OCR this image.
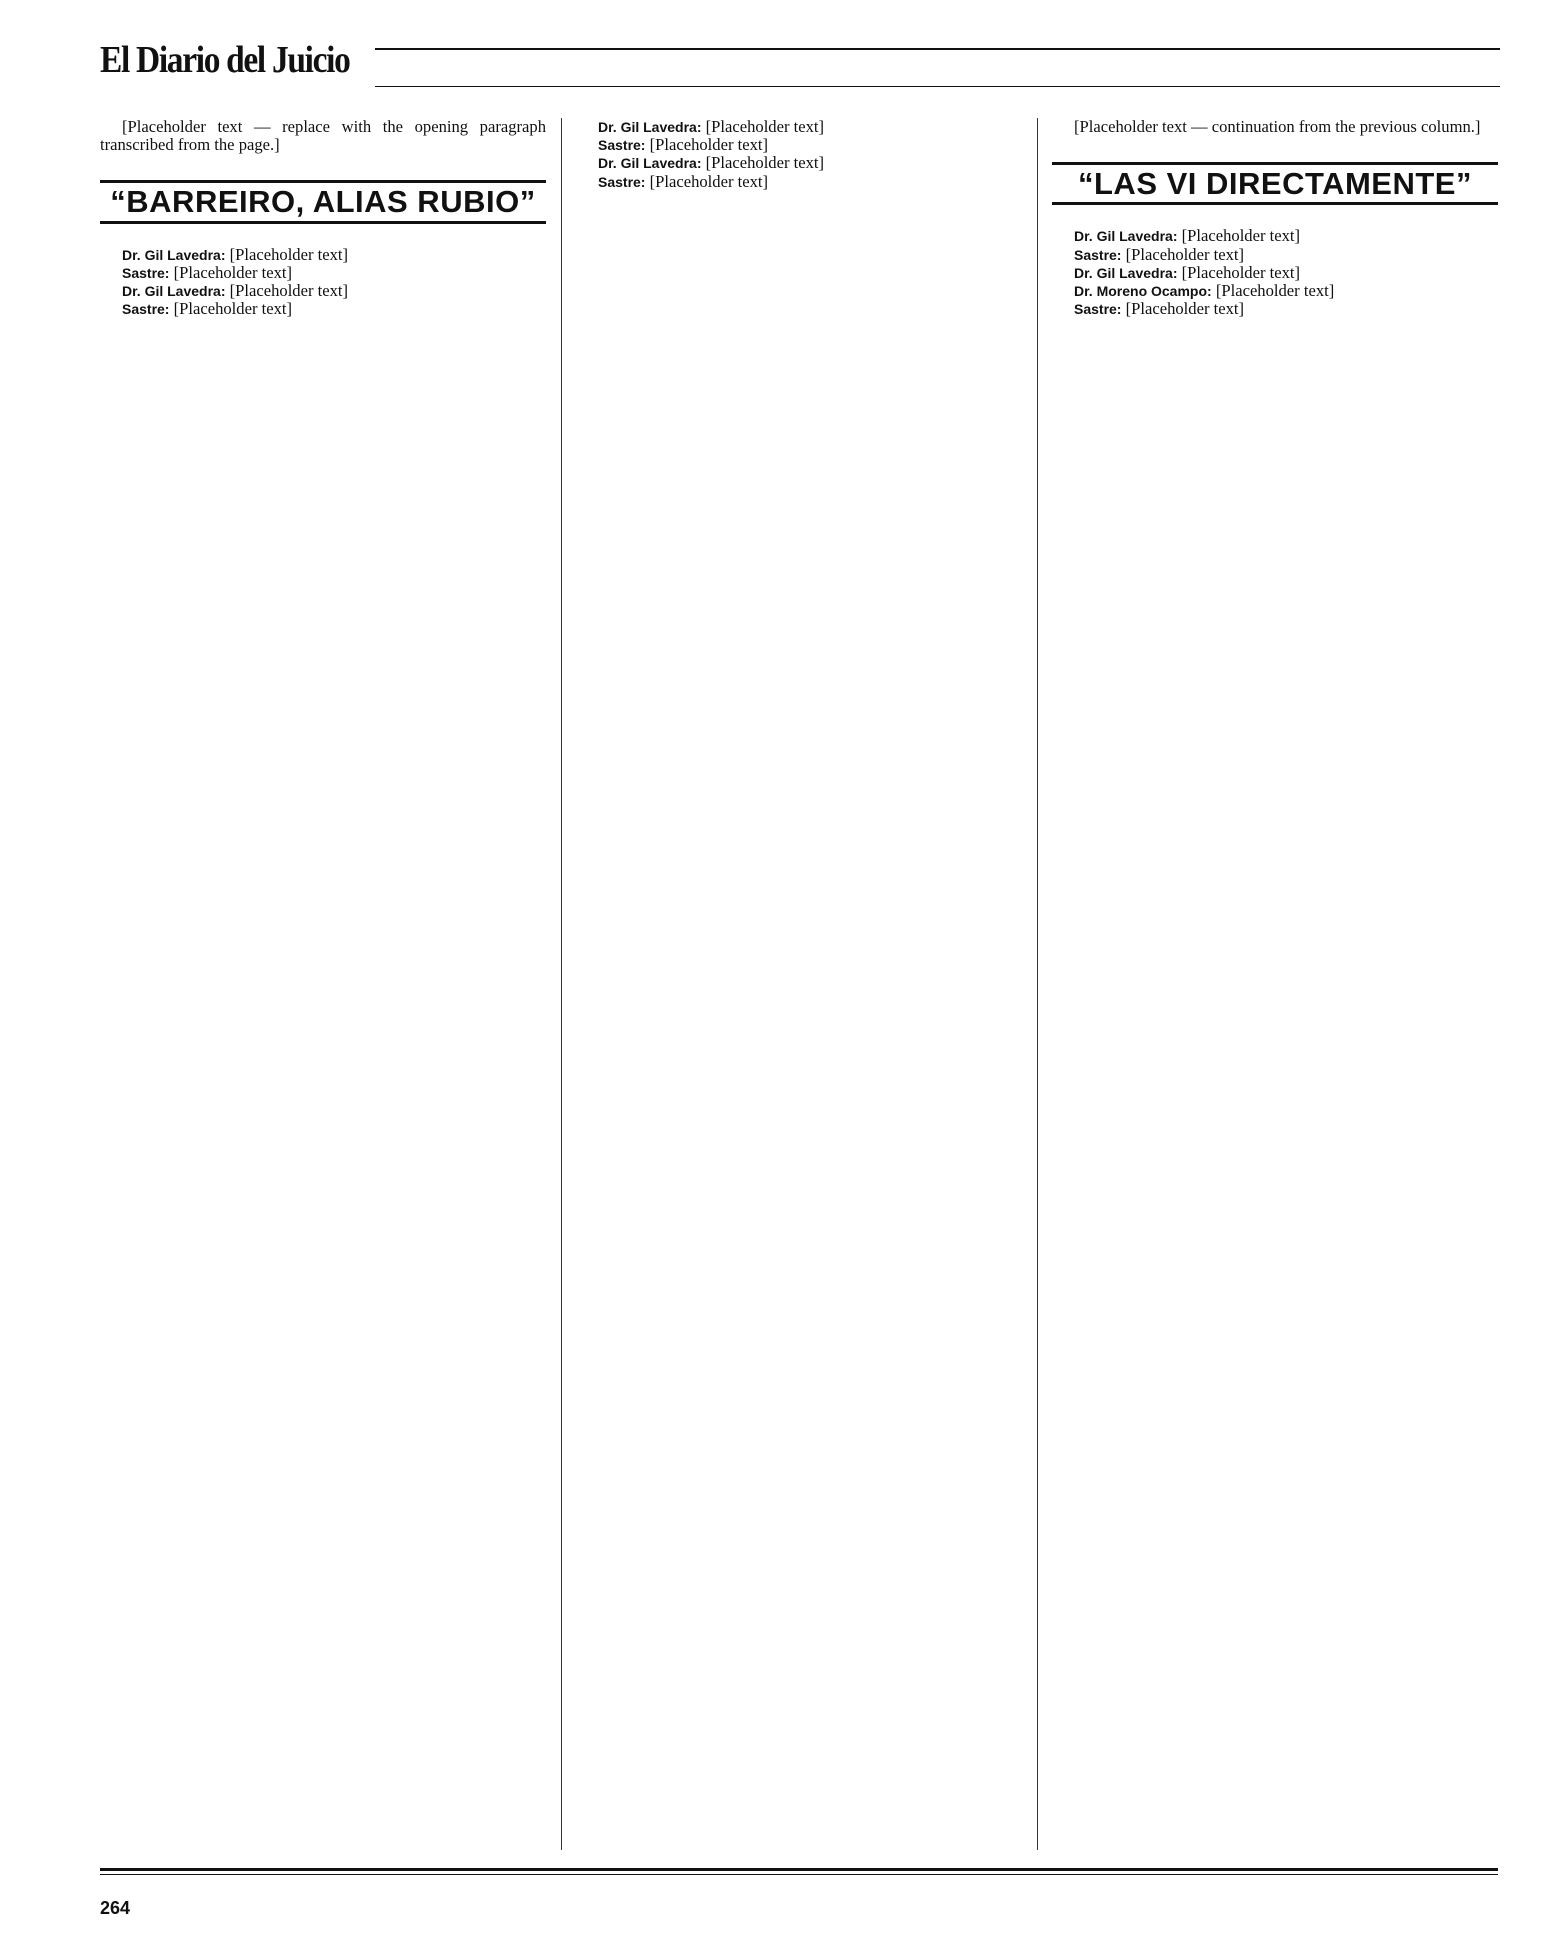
El Diario del Juicio

[Placeholder text — replace with the opening paragraph transcribed from the page.]

“BARREIRO, ALIAS RUBIO”

Dr. Gil Lavedra: [Placeholder text]

Sastre: [Placeholder text]

Dr. Gil Lavedra: [Placeholder text]

Sastre: [Placeholder text]

Dr. Gil Lavedra: [Placeholder text]

Sastre: [Placeholder text]

Dr. Gil Lavedra: [Placeholder text]

Sastre: [Placeholder text]

[Placeholder text — continuation from the previous column.]

“LAS VI DIRECTAMENTE”

Dr. Gil Lavedra: [Placeholder text]

Sastre: [Placeholder text]

Dr. Gil Lavedra: [Placeholder text]

Dr. Moreno Ocampo: [Placeholder text]

Sastre: [Placeholder text]

264
